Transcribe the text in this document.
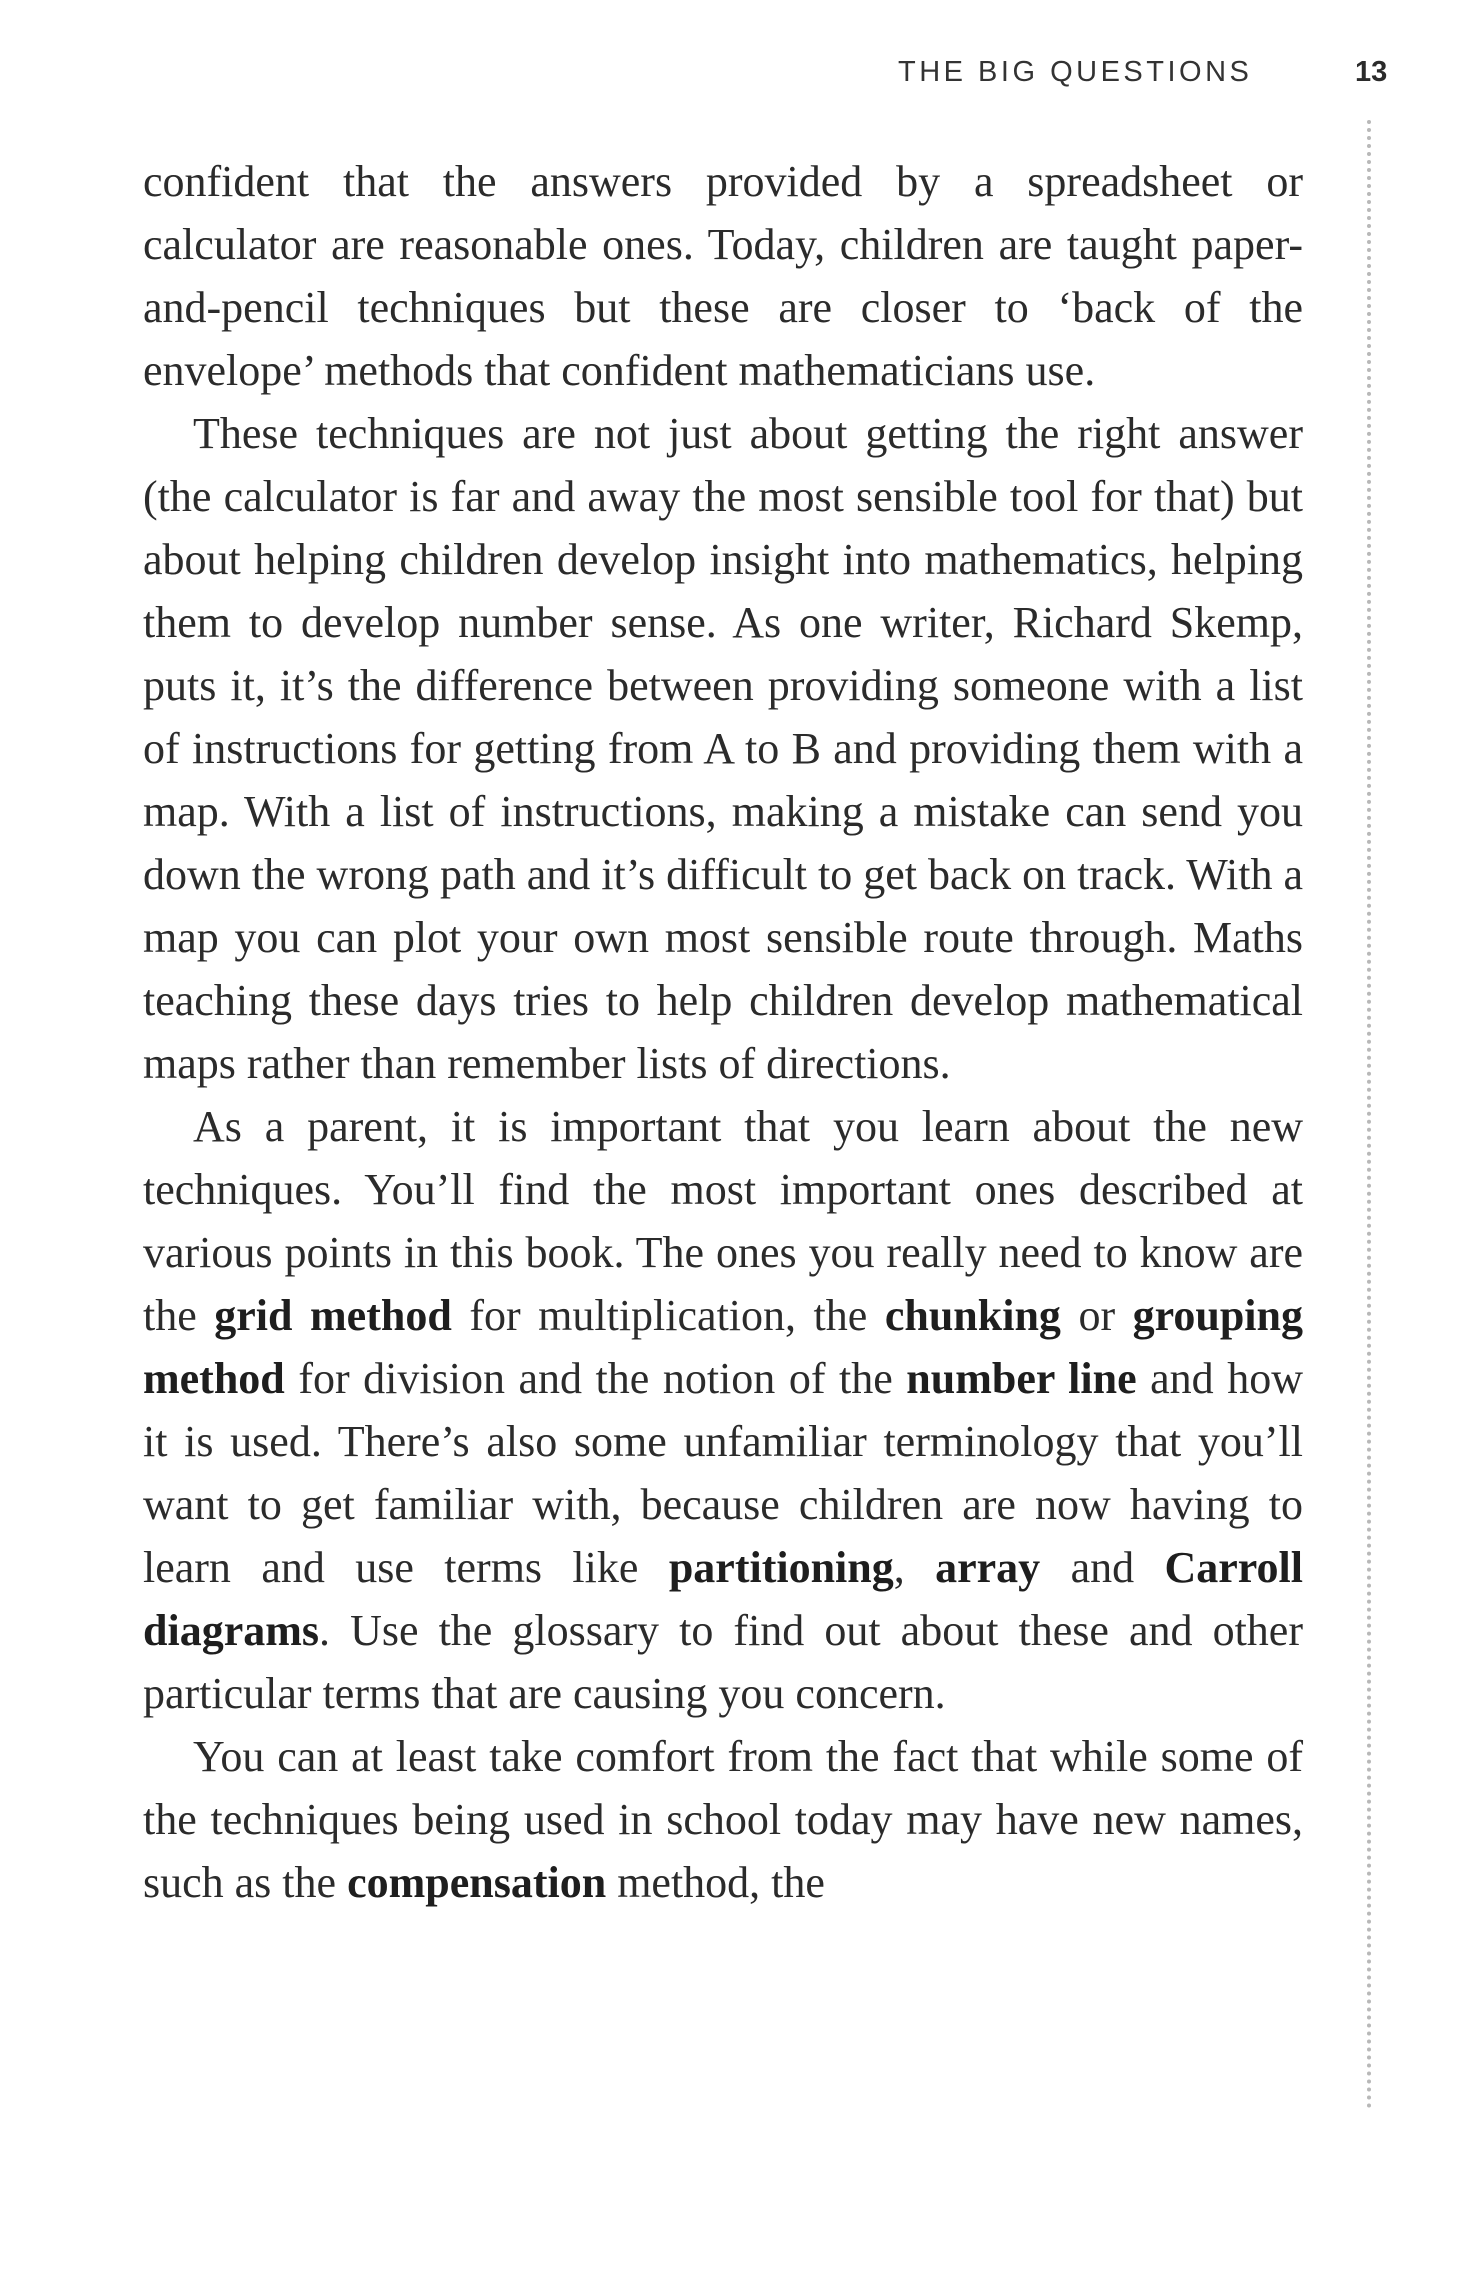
THE BIG QUESTIONS	13

confident that the answers provided by a spreadsheet or calculator are reasonable ones. Today, children are taught paper-and-pencil techniques but these are closer to ‘back of the envelope’ methods that confident mathematicians use.

These techniques are not just about getting the right answer (the calculator is far and away the most sensible tool for that) but about helping children develop insight into mathematics, helping them to develop number sense. As one writer, Richard Skemp, puts it, it’s the difference between providing someone with a list of instructions for getting from A to B and providing them with a map. With a list of instructions, making a mistake can send you down the wrong path and it’s difficult to get back on track. With a map you can plot your own most sensible route through. Maths teaching these days tries to help children develop mathematical maps rather than remember lists of directions.

As a parent, it is important that you learn about the new techniques. You’ll find the most important ones described at various points in this book. The ones you really need to know are the grid method for multiplication, the chunking or grouping method for division and the notion of the number line and how it is used. There’s also some unfamiliar terminology that you’ll want to get familiar with, because children are now having to learn and use terms like partitioning, array and Carroll diagrams. Use the glossary to find out about these and other particular terms that are causing you concern.

You can at least take comfort from the fact that while some of the techniques being used in school today may have new names, such as the compensation method, the
